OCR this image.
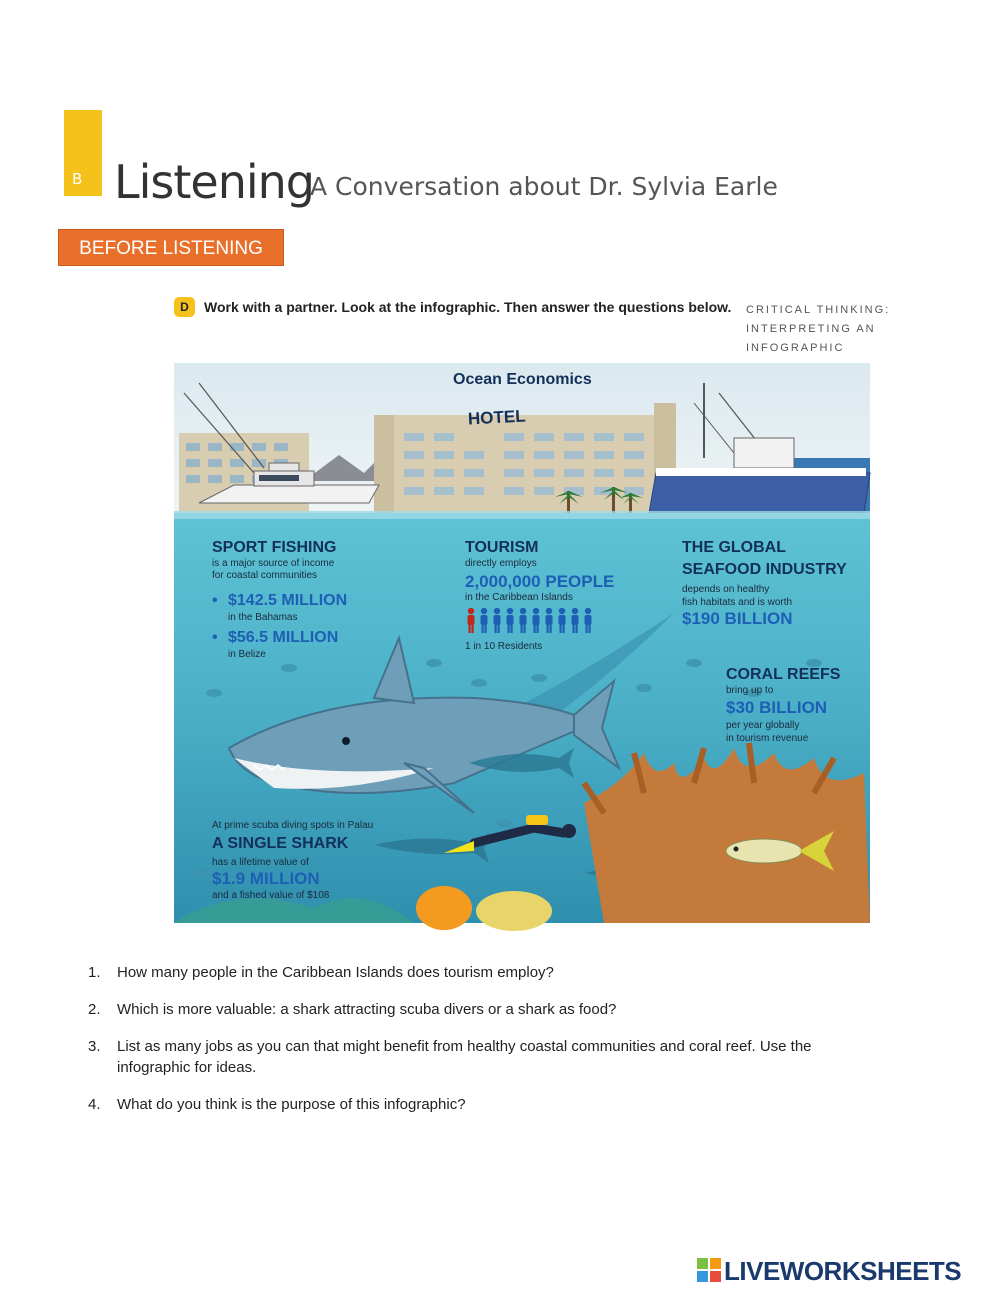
B Listening
A Conversation about Dr. Sylvia Earle
BEFORE LISTENING
D	Work with a partner. Look at the infographic. Then answer the questions below. CRITICAL THINKING:
INTERPRETING AN
INFOGRAPHIC
Ocean Economics
HOTEL
SPORT FISHING
is a major source of income
for coastal communities
• $142.5 MILLION
in the Bahamas
• $56.5 MILLION
in Belize
TOURISM
directly employs
2,000,000 PEOPLE
in the Caribbean Islands
1 in 10 Residents
THE GLOBAL
SEAFOOD INDUSTRY
depends on healthy
fish habitats and is worth
$190 BILLION
CORAL REEFS
bring up to
$30 BILLION
per year globally
in tourism revenue
At prime scuba diving spots in Palau
A SINGLE SHARK
has a lifetime value of
$1.9 MILLION
and a fished value of $108
1. How many people in the Caribbean Islands does tourism employ?
2. Which is more valuable: a shark attracting scuba divers or a shark as food?
3. List as many jobs as you can that might benefit from healthy coastal communities and coral reef. Use the infographic for ideas.
4. What do you think is the purpose of this infographic?
LIVEWORKSHEETS
